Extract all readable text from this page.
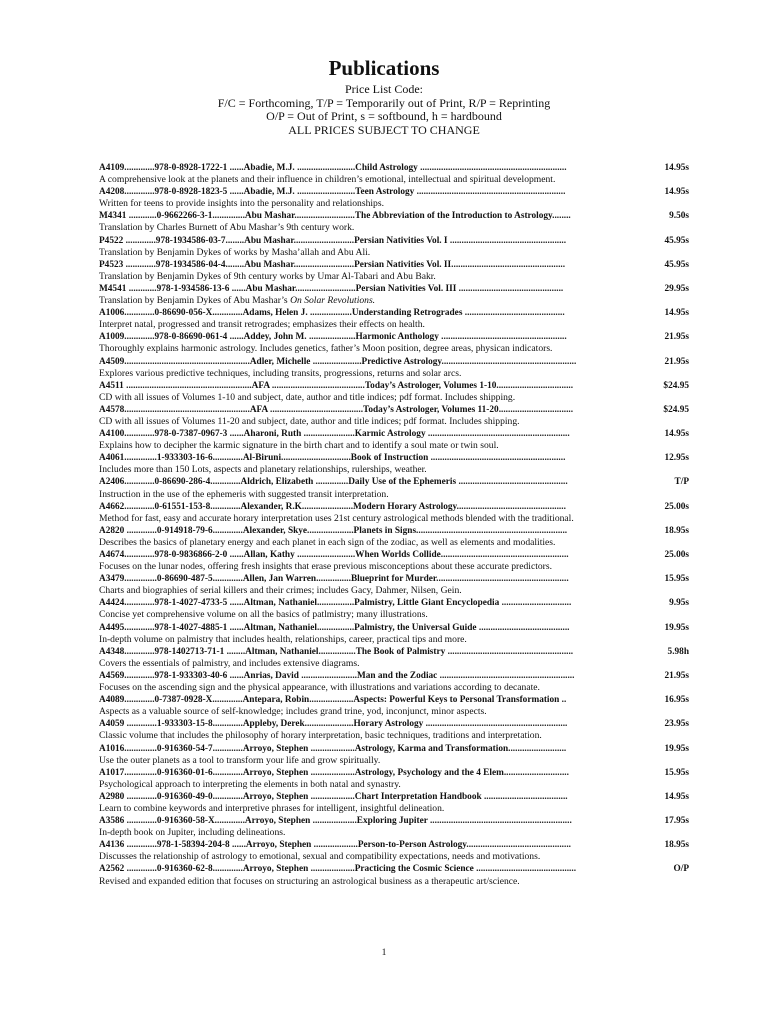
Publications
Price List Code:
F/C = Forthcoming, T/P = Temporarily out of Print, R/P = Reprinting
O/P = Out of Print, s = softbound, h = hardbound
ALL PRICES SUBJECT TO CHANGE
A4109.............978-0-8928-1722-1 ......Abadie, M.J. .........................Child Astrology ...............................................................	14.95s
A comprehensive look at the planets and their influence in children’s emotional, intellectual and spiritual development.
A4208.............978-0-8928-1823-5 ......Abadie, M.J. .........................Teen Astrology ................................................................	14.95s
Written for teens to provide insights into the personality and relationships.
M4341 ............0-9662266-3-1..............Abu Mashar..........................The Abbreviation of the Introduction to Astrology........	9.50s
Translation by Charles Burnett of Abu Mashar’s 9th century work.
P4522 .............978-1934586-03-7........Abu Mashar..........................Persian Nativities Vol. I ..................................................	45.95s
Translation by Benjamin Dykes of works by Masha’allah and Abu Ali.
P4523 .............978-1934586-04-4........Abu Mashar..........................Persian Nativities Vol. II.................................................	45.95s
Translation by Benjamin Dykes of 9th century works by Umar Al-Tabari and Abu Bakr.
M4541 ............978-1-934586-13-6 ......Abu Mashar..........................Persian Nativities Vol. III .............................................	29.95s
Translation by Benjamin Dykes of Abu Mashar’s On Solar Revolutions.
A1006.............0-86690-056-X.............Adams, Helen J. ..................Understanding Retrogrades ...........................................	14.95s
Interpret natal, progressed and transit retrogrades; emphasizes their effects on health.
A1009.............978-0-86690-061-4 ......Addey, John M. ....................Harmonic Anthology ......................................................	21.95s
Thoroughly explains harmonic astrology. Includes genetics, father’s Moon position, degree areas, physican indicators.
A4509......................................................Adler, Michelle .....................Predictive Astrology..........................................................	21.95s
Explores various predictive techniques, including transits, progressions, returns and solar arcs.
A4511 ......................................................AFA ........................................Today’s Astrologer, Volumes 1-10.................................	$24.95
CD with all issues of Volumes 1-10 and subject, date, author and title indices; pdf format. Includes shipping.
A4578......................................................AFA ........................................Today’s Astrologer, Volumes 11-20................................	$24.95
CD with all issues of Volumes 11-20 and subject, date, author and title indices; pdf format. Includes shipping.
A4100.............978-0-7387-0967-3 ......Aharoni, Ruth ......................Karmic Astrology .............................................................	14.95s
Explains how to decipher the karmic signature in the birth chart and to identify a soul mate or twin soul.
A4061..............1-933303-16-6.............Al-Biruni..............................Book of Instruction ..........................................................	12.95s
Includes more than 150 Lots, aspects and planetary relationships, rulerships, weather.
A2406.............0-86690-286-4.............Aldrich, Elizabeth ..............Daily Use of the Ephemeris ...............................................	T/P
Instruction in the use of the ephemeris with suggested transit interpretation.
A4662.............0-61551-153-8.............Alexander, R.K......................Modern Horary Astrology...............................................	25.00s
Method for fast, easy and accurate horary interpretation uses 21st century astrological methods blended with the traditional.
A2820 .............0-914918-79-6.............Alexander, Skye....................Planets in Signs.................................................................	18.95s
Describes the basics of planetary energy and each planet in each sign of the zodiac, as well as elements and modalities.
A4674.............978-0-9836866-2-0 ......Allan, Kathy .........................When Worlds Collide.......................................................	25.00s
Focuses on the lunar nodes, offering fresh insights that erase previous misconceptions about these accurate predictors.
A3479..............0-86690-487-5.............Allen, Jan Warren...............Blueprint for Murder.........................................................	15.95s
Charts and biographies of serial killers and their crimes; includes Gacy, Dahmer, Nilsen, Gein.
A4424.............978-1-4027-4733-5 ......Altman, Nathaniel................Palmistry, Little Giant Encyclopedia ..............................	9.95s
Concise yet comprehensive volume on all the basics of patlmistry; many illustrations.
A4495.............978-1-4027-4885-1 ......Altman, Nathaniel................Palmistry, the Universal Guide .......................................	19.95s
In-depth volume on palmistry that includes health, relationships, career, practical tips and more.
A4348.............978-1402713-71-1 ........Altman, Nathaniel................The Book of Palmistry ......................................................	5.98h
Covers the essentials of palmistry, and includes extensive diagrams.
A4569.............978-1-933303-40-6 ......Anrias, David ........................Man and the Zodiac ..........................................................	21.95s
Focuses on the ascending sign and the physical appearance, with illustrations and variations according to decanate.
A4089.............0-7387-0928-X.............Antepara, Robin...................Aspects: Powerful Keys to Personal Transformation ..	16.95s
Aspects as a valuable source of self-knowledge; includes grand trine, yod, inconjunct, minor aspects.
A4059 .............1-933303-15-8.............Appleby, Derek.....................Horary Astrology .............................................................	23.95s
Classic volume that includes the philosophy of horary interpretation, basic techniques, traditions and interpretation.
A1016..............0-916360-54-7.............Arroyo, Stephen ...................Astrology, Karma and Transformation.........................	19.95s
Use the outer planets as a tool to transform your life and grow spiritually.
A1017..............0-916360-01-6.............Arroyo, Stephen ...................Astrology, Psychology and the 4 Elem............................	15.95s
Psychological approach to interpreting the elements in both natal and synastry.
A2980 .............0-916360-49-0.............Arroyo, Stephen ...................Chart Interpretation Handbook ....................................	14.95s
Learn to combine keywords and interpretive phrases for intelligent, insightful delineation.
A3586 .............0-916360-58-X.............Arroyo, Stephen ...................Exploring Jupiter .............................................................	17.95s
In-depth book on Jupiter, including delineations.
A4136 .............978-1-58394-204-8 ......Arroyo, Stephen ...................Person-to-Person Astrology.............................................	18.95s
Discusses the relationship of astrology to emotional, sexual and compatibility expectations, needs and motivations.
A2562 .............0-916360-62-8.............Arroyo, Stephen ...................Practicing the Cosmic Science ...........................................	O/P
Revised and expanded edition that focuses on structuring an astrological business as a therapeutic art/science.
1
